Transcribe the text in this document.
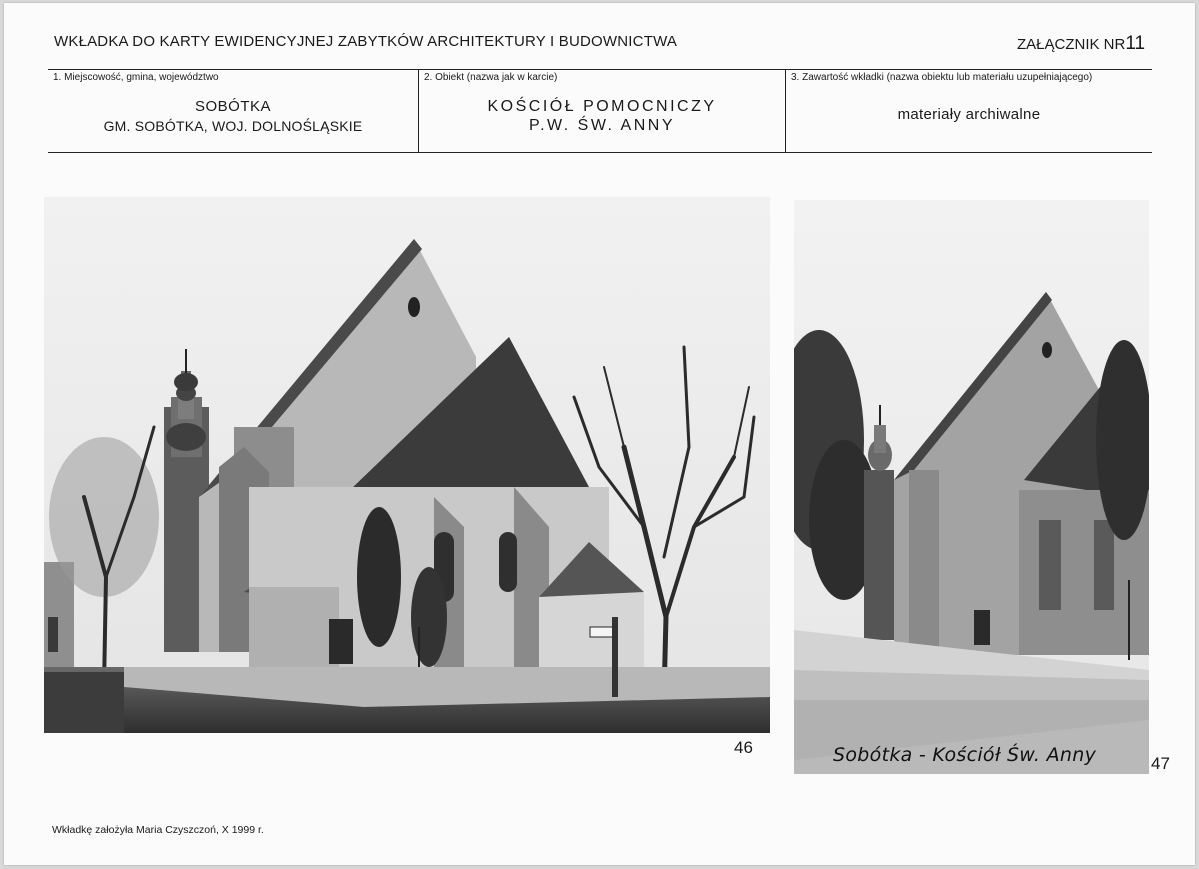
WKŁADKA DO KARTY EWIDENCYJNEJ ZABYTKÓW ARCHITEKTURY I BUDOWNICTWA	ZAŁĄCZNIK NR11
1. Miejscowość, gmina, województwo
SOBÓTKA
GM. SOBÓTKA, WOJ. DOLNOŚLĄSKIE
2. Obiekt (nazwa jak w karcie)
KOŚCIÓŁ POMOCNICZY
P.W. ŚW. ANNY
3. Zawartość wkładki (nazwa obiektu lub materiału uzupełniającego)
materiały archiwalne
46	Sobótka - Kościół Św. Anny	47
Wkładkę założyła Maria Czyszczoń, X 1999 r.
